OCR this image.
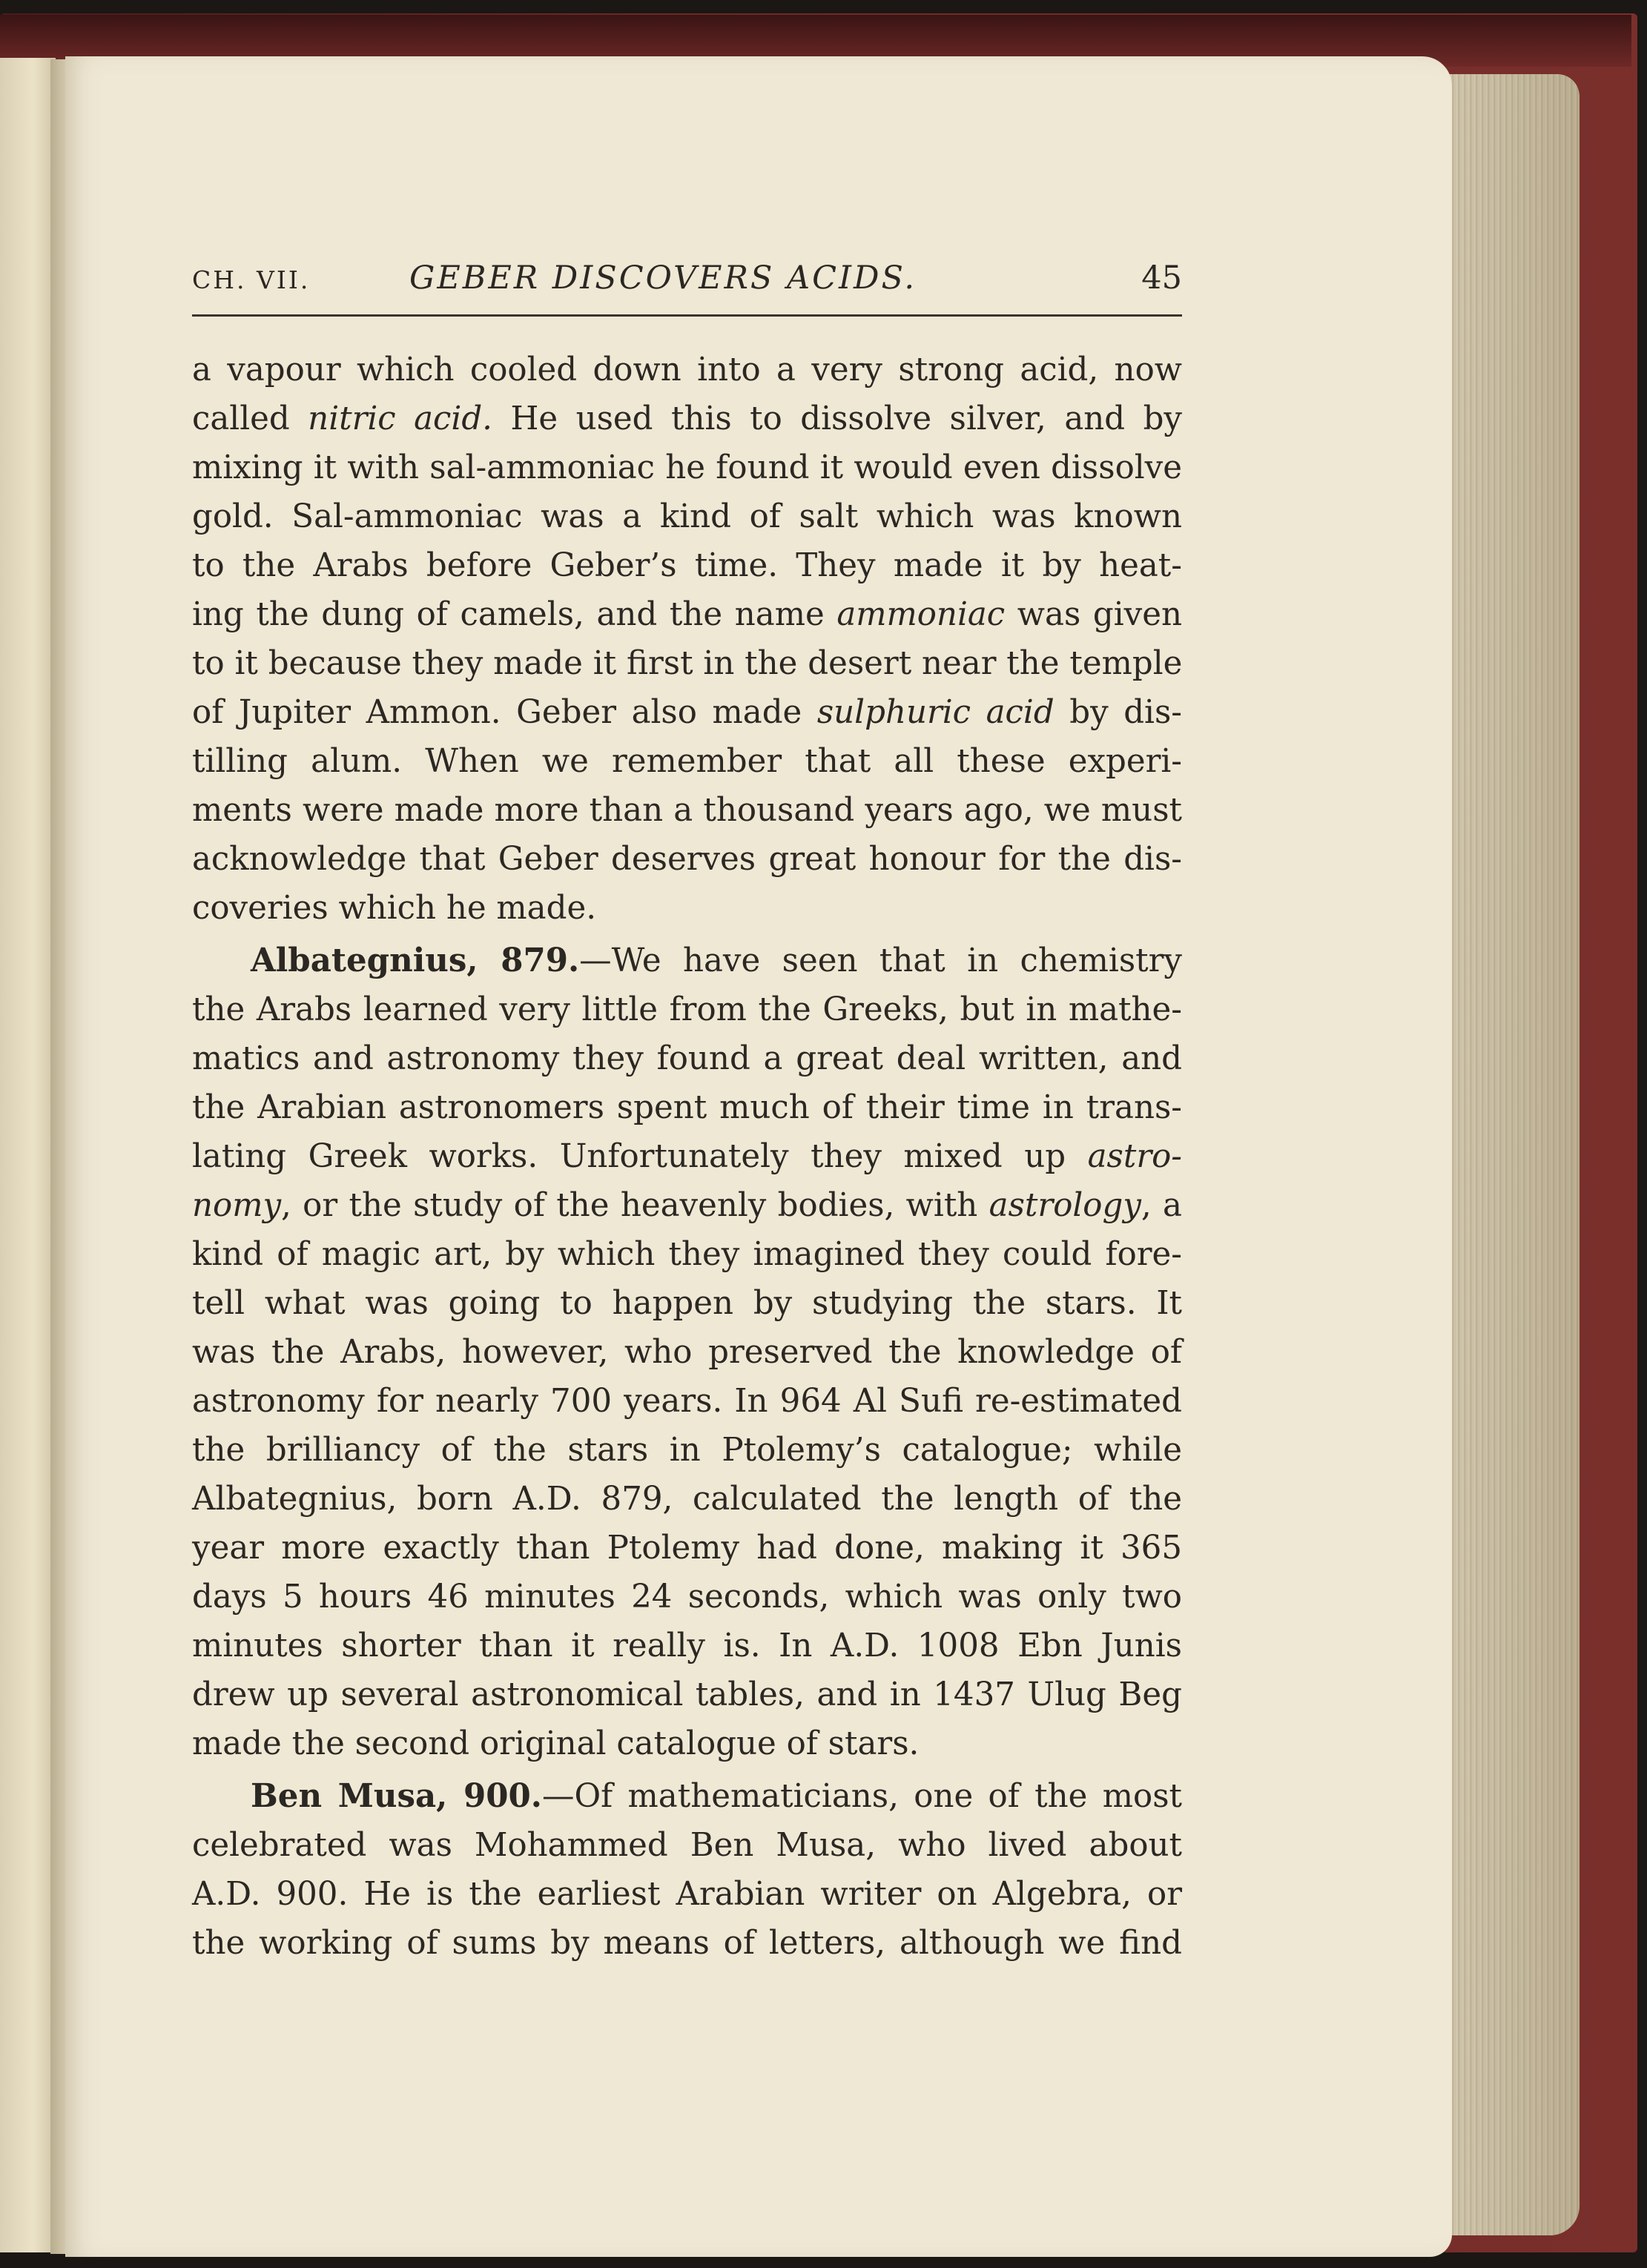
CH. VII.	GEBER DISCOVERS ACIDS.	45
a vapour which cooled down into a very strong acid, now
called nitric acid. He used this to dissolve silver, and by
mixing it with sal-ammoniac he found it would even dissolve
gold. Sal-ammoniac was a kind of salt which was known
to the Arabs before Geber’s time. They made it by heat-
ing the dung of camels, and the name ammoniac was given
to it because they made it first in the desert near the temple
of Jupiter Ammon. Geber also made sulphuric acid by dis-
tilling alum. When we remember that all these experi-
ments were made more than a thousand years ago, we must
acknowledge that Geber deserves great honour for the dis-
coveries which he made.
Albategnius, 879.—We have seen that in chemistry
the Arabs learned very little from the Greeks, but in mathe-
matics and astronomy they found a great deal written, and
the Arabian astronomers spent much of their time in trans-
lating Greek works. Unfortunately they mixed up astro-
nomy, or the study of the heavenly bodies, with astrology, a
kind of magic art, by which they imagined they could fore-
tell what was going to happen by studying the stars. It
was the Arabs, however, who preserved the knowledge of
astronomy for nearly 700 years. In 964 Al Sufi re-estimated
the brilliancy of the stars in Ptolemy’s catalogue; while
Albategnius, born A.D. 879, calculated the length of the
year more exactly than Ptolemy had done, making it 365
days 5 hours 46 minutes 24 seconds, which was only two
minutes shorter than it really is. In A.D. 1008 Ebn Junis
drew up several astronomical tables, and in 1437 Ulug Beg
made the second original catalogue of stars.
Ben Musa, 900.—Of mathematicians, one of the most
celebrated was Mohammed Ben Musa, who lived about
A.D. 900. He is the earliest Arabian writer on Algebra, or
the working of sums by means of letters, although we find
